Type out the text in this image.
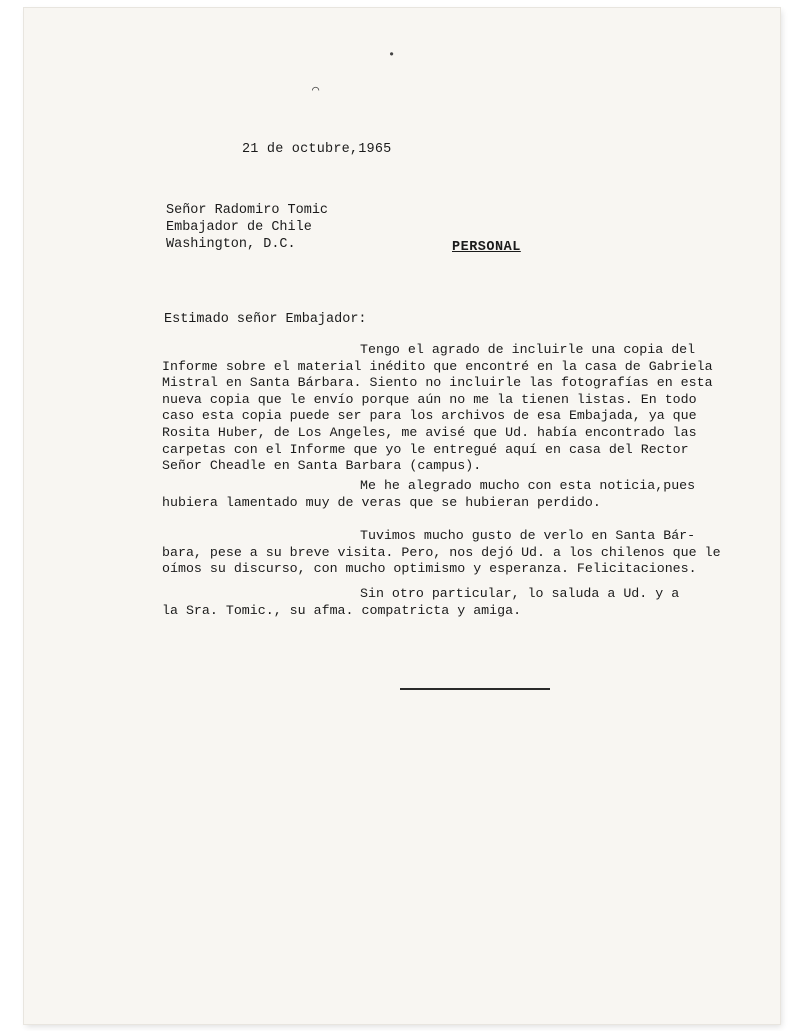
•
⌒
21 de octubre,1965
Señor Radomiro Tomic
Embajador de Chile
Washington, D.C.	PERSONAL
Estimado señor Embajador:
Tengo el agrado de incluirle una copia del
Informe sobre el material inédito que encontré en la casa de Gabriela
Mistral en Santa Bárbara. Siento no incluirle las fotografías en esta
nueva copia que le envío porque aún no me la tienen listas. En todo
caso esta copia puede ser para los archivos de esa Embajada, ya que
Rosita Huber, de Los Angeles, me avisé que Ud. había encontrado las
carpetas con el Informe que yo le entregué aquí en casa del Rector
Señor Cheadle en Santa Barbara (campus).
Me he alegrado mucho con esta noticia,pues
hubiera lamentado muy de veras que se hubieran perdido.
Tuvimos mucho gusto de verlo en Santa Bár-
bara, pese a su breve visita. Pero, nos dejó Ud. a los chilenos que le
oímos su discurso, con mucho optimismo y esperanza. Felicitaciones.
Sin otro particular, lo saluda a Ud. y a
la Sra. Tomic., su afma. compatricta y amiga.
